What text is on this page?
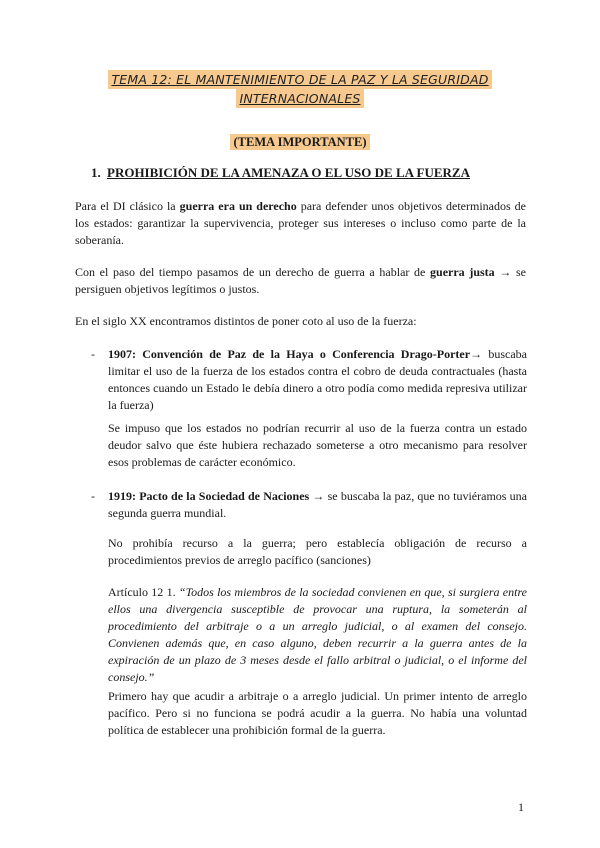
TEMA 12: EL MANTENIMIENTO DE LA PAZ Y LA SEGURIDAD
INTERNACIONALES
(TEMA IMPORTANTE)
1. PROHIBICIÓN DE LA AMENAZA O EL USO DE LA FUERZA
Para el DI clásico la guerra era un derecho para defender unos objetivos determinados de los estados: garantizar la supervivencia, proteger sus intereses o incluso como parte de la soberanía.
Con el paso del tiempo pasamos de un derecho de guerra a hablar de guerra justa → se persiguen objetivos legítimos o justos.
En el siglo XX encontramos distintos de poner coto al uso de la fuerza:
- 1907: Convención de Paz de la Haya o Conferencia Drago-Porter→ buscaba limitar el uso de la fuerza de los estados contra el cobro de deuda contractuales (hasta entonces cuando un Estado le debía dinero a otro podía como medida represiva utilizar la fuerza)
Se impuso que los estados no podrían recurrir al uso de la fuerza contra un estado deudor salvo que éste hubiera rechazado someterse a otro mecanismo para resolver esos problemas de carácter económico.
- 1919: Pacto de la Sociedad de Naciones → se buscaba la paz, que no tuviéramos una segunda guerra mundial.
No prohibía recurso a la guerra; pero establecía obligación de recurso a procedimientos previos de arreglo pacífico (sanciones)
Artículo 12 1. “Todos los miembros de la sociedad convienen en que, si surgiera entre ellos una divergencia susceptible de provocar una ruptura, la someterán al procedimiento del arbitraje o a un arreglo judicial, o al examen del consejo. Convienen además que, en caso alguno, deben recurrir a la guerra antes de la expiración de un plazo de 3 meses desde el fallo arbitral o judicial, o el informe del consejo.”
Primero hay que acudir a arbitraje o a arreglo judicial. Un primer intento de arreglo pacífico. Pero si no funciona se podrá acudir a la guerra. No había una voluntad política de establecer una prohibición formal de la guerra.
1
